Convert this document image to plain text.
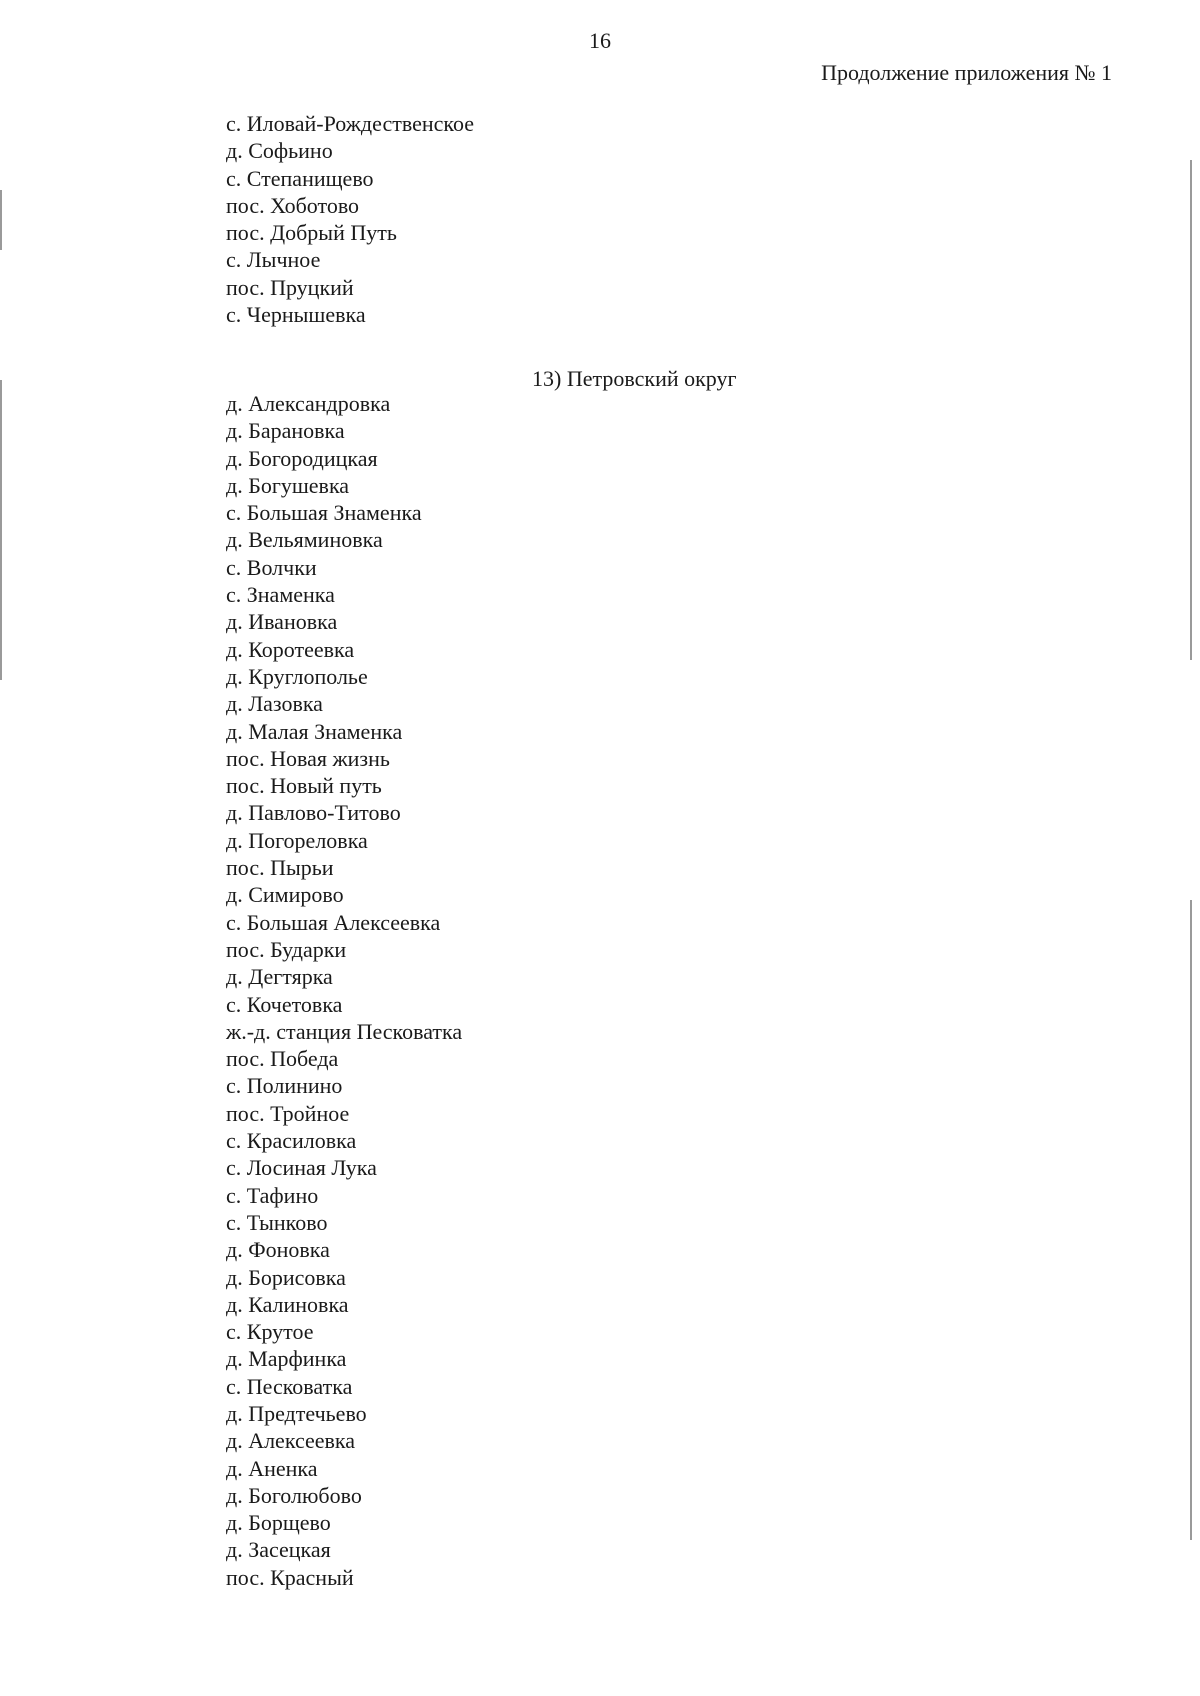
16
Продолжение приложения № 1
с. Иловай-Рождественское
д. Софьино
с. Степанищево
пос. Хоботово
пос. Добрый Путь
с. Лычное
пос. Пруцкий
с. Чернышевка
13) Петровский округ
д. Александровка
д. Барановка
д. Богородицкая
д. Богушевка
с. Большая Знаменка
д. Вельяминовка
с. Волчки
с. Знаменка
д. Ивановка
д. Коротеевка
д. Круглополье
д. Лазовка
д. Малая Знаменка
пос. Новая жизнь
пос. Новый путь
д. Павлово-Титово
д. Погореловка
пос. Пырьи
д. Симирово
с. Большая Алексеевка
пос. Бударки
д. Дегтярка
с. Кочетовка
ж.-д. станция Песковатка
пос. Победа
с. Полинино
пос. Тройное
с. Красиловка
с. Лосиная Лука
с. Тафино
с. Тынково
д. Фоновка
д. Борисовка
д. Калиновка
с. Крутое
д. Марфинка
с. Песковатка
д. Предтечьево
д. Алексеевка
д. Аненка
д. Боголюбово
д. Борщево
д. Засецкая
пос. Красный
